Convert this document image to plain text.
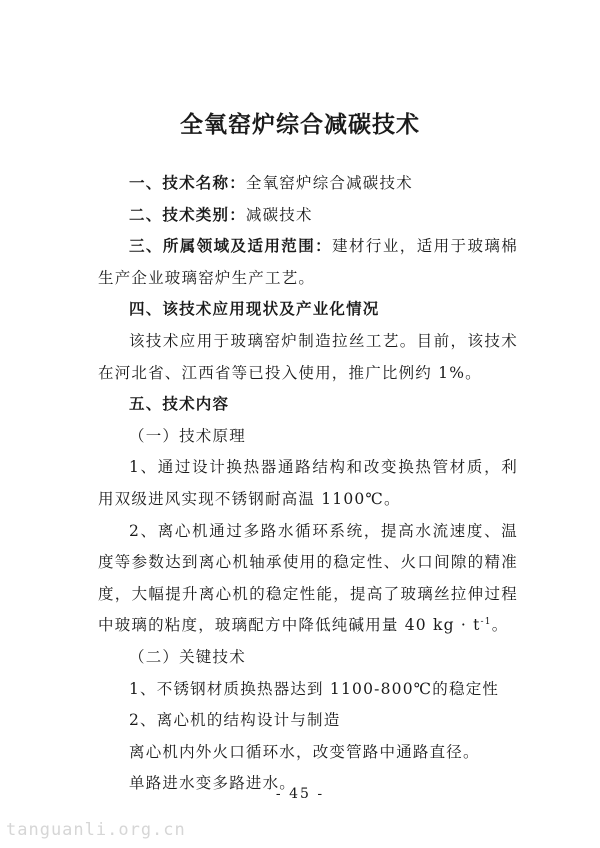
全氧窑炉综合减碳技术

一、技术名称：全氧窑炉综合减碳技术

二、技术类别：减碳技术

三、所属领域及适用范围：建材行业，适用于玻璃棉生产企业玻璃窑炉生产工艺。

四、该技术应用现状及产业化情况

该技术应用于玻璃窑炉制造拉丝工艺。目前，该技术在河北省、江西省等已投入使用，推广比例约 1%。

五、技术内容

（一）技术原理

1、通过设计换热器通路结构和改变换热管材质，利用双级进风实现不锈钢耐高温 1100℃。

2、离心机通过多路水循环系统，提高水流速度、温度等参数达到离心机轴承使用的稳定性、火口间隙的精准度，大幅提升离心机的稳定性能，提高了玻璃丝拉伸过程中玻璃的粘度，玻璃配方中降低纯碱用量 40 kg · $t^{-1}$。

（二）关键技术

1、不锈钢材质换热器达到 1100-800℃的稳定性

2、离心机的结构设计与制造

离心机内外火口循环水，改变管路中通路直径。

单路进水变多路进水。

- 45 -
tanguanli.org.cn
